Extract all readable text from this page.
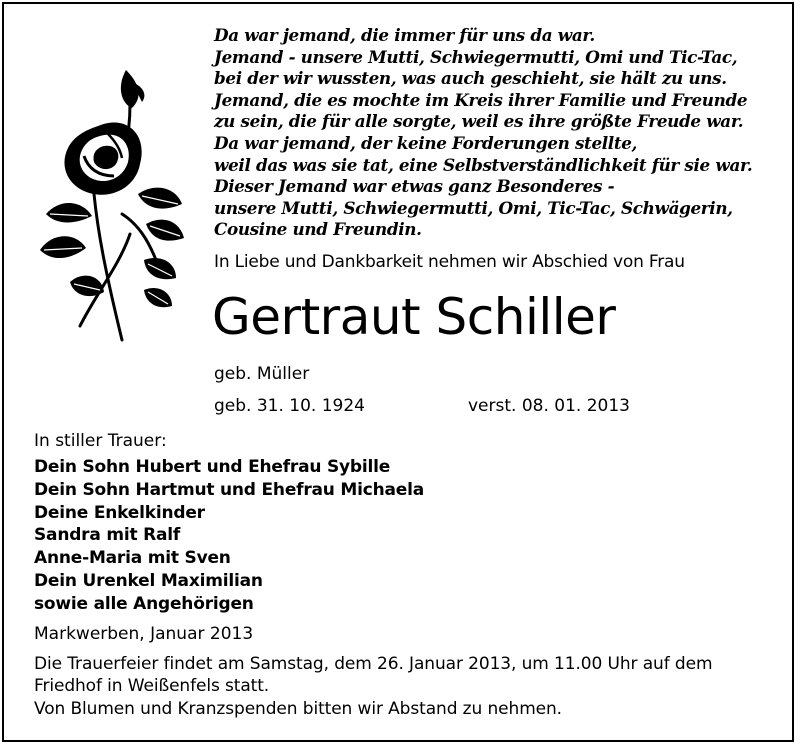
Da war jemand, die immer für uns da war.
Jemand - unsere Mutti, Schwiegermutti, Omi und Tic-Tac,
bei der wir wussten, was auch geschieht, sie hält zu uns.
Jemand, die es mochte im Kreis ihrer Familie und Freunde
zu sein, die für alle sorgte, weil es ihre größte Freude war.
Da war jemand, der keine Forderungen stellte,
weil das was sie tat, eine Selbstverständlichkeit für sie war.
Dieser Jemand war etwas ganz Besonderes -
unsere Mutti, Schwiegermutti, Omi, Tic-Tac, Schwägerin,
Cousine und Freundin.
In Liebe und Dankbarkeit nehmen wir Abschied von Frau
Gertraut Schiller
geb. Müller
geb. 31. 10. 1924	verst. 08. 01. 2013
In stiller Trauer:
Dein Sohn Hubert und Ehefrau Sybille
Dein Sohn Hartmut und Ehefrau Michaela
Deine Enkelkinder
Sandra mit Ralf
Anne-Maria mit Sven
Dein Urenkel Maximilian
sowie alle Angehörigen
Markwerben, Januar 2013
Die Trauerfeier findet am Samstag, dem 26. Januar 2013, um 11.00 Uhr auf dem
Friedhof in Weißenfels statt.
Von Blumen und Kranzspenden bitten wir Abstand zu nehmen.
